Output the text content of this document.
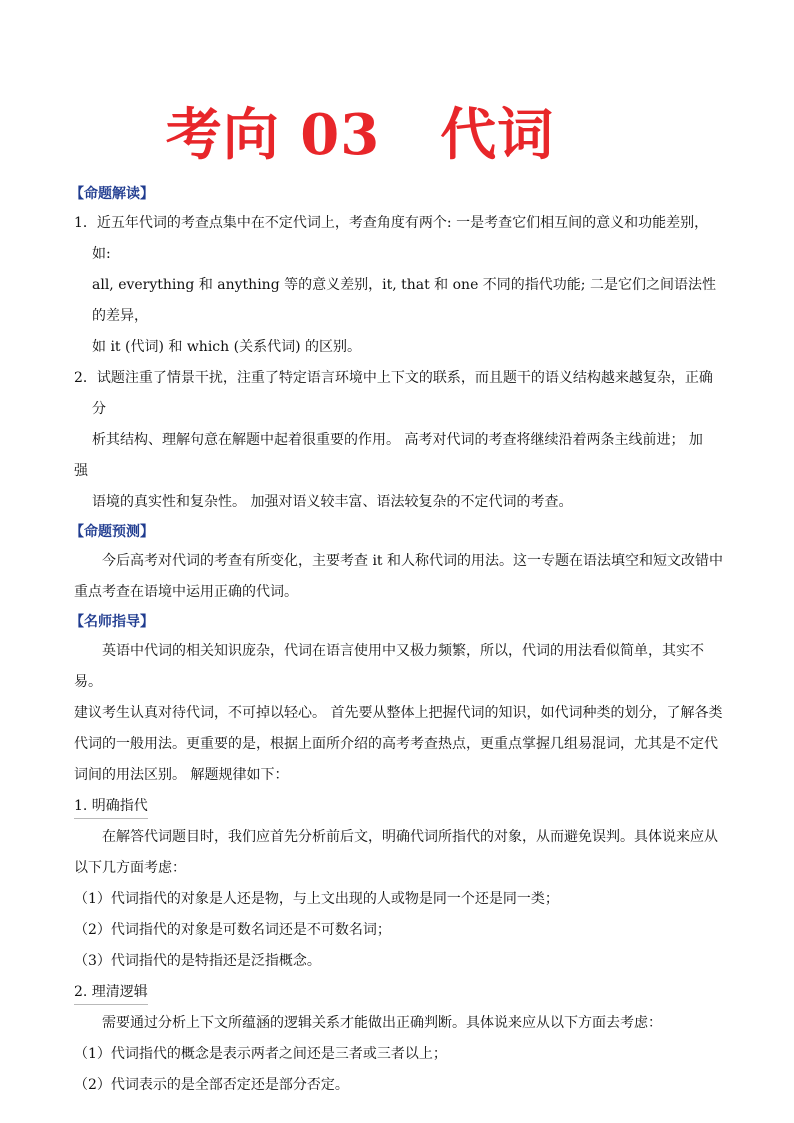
考向 03 代词
【命题解读】
1．近五年代词的考查点集中在不定代词上，考查角度有两个: 一是考查它们相互间的意义和功能差别，如:
all, everything 和 anything 等的意义差别，it, that 和 one 不同的指代功能; 二是它们之间语法性的差异，
如 it (代词) 和 which (关系代词) 的区别。
2．试题注重了情景干扰，注重了特定语言环境中上下文的联系，而且题干的语义结构越来越复杂，正确分
析其结构、理解句意在解题中起着很重要的作用。 高考对代词的考查将继续沿着两条主线前进； 加
强
语境的真实性和复杂性。 加强对语义较丰富、语法较复杂的不定代词的考查。
【命题预测】
今后高考对代词的考查有所变化，主要考查 it 和人称代词的用法。这一专题在语法填空和短文改错中
重点考查在语境中运用正确的代词。
【名师指导】
英语中代词的相关知识庞杂，代词在语言使用中又极力频繁，所以，代词的用法看似简单，其实不易。
建议考生认真对待代词，不可掉以轻心。 首先要从整体上把握代词的知识，如代词种类的划分，了解各类
代词的一般用法。更重要的是，根据上面所介绍的高考考查热点，更重点掌握几组易混词，尤其是不定代
词间的用法区别。 解题规律如下：
1. 明确指代
在解答代词题目时，我们应首先分析前后文，明确代词所指代的对象，从而避免误判。具体说来应从
以下几方面考虑：
（1）代词指代的对象是人还是物，与上文出现的人或物是同一个还是同一类；
（2）代词指代的对象是可数名词还是不可数名词；
（3）代词指代的是特指还是泛指概念。
2. 理清逻辑
需要通过分析上下文所蕴涵的逻辑关系才能做出正确判断。具体说来应从以下方面去考虑：
（1）代词指代的概念是表示两者之间还是三者或三者以上；
（2）代词表示的是全部否定还是部分否定。
